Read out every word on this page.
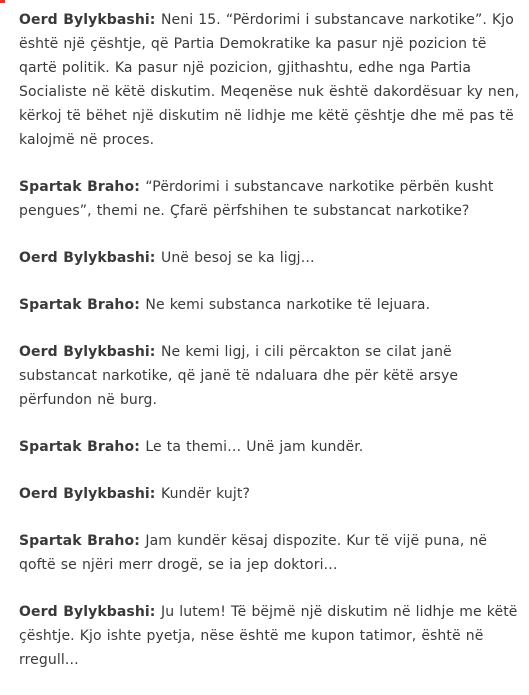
Oerd Bylykbashi: Neni 15. “Përdorimi i substancave narkotike”. Kjo është një çështje, që Partia Demokratike ka pasur një pozicion të qartë politik. Ka pasur një pozicion, gjithashtu, edhe nga Partia Socialiste në këtë diskutim. Meqenëse nuk është dakordësuar ky nen, kërkoj të bëhet një diskutim në lidhje me këtë çështje dhe më pas të kalojmë në proces.

Spartak Braho: “Përdorimi i substancave narkotike përbën kusht pengues”, themi ne. Çfarë përfshihen te substancat narkotike?

Oerd Bylykbashi: Unë besoj se ka ligj…

Spartak Braho: Ne kemi substanca narkotike të lejuara.

Oerd Bylykbashi: Ne kemi ligj, i cili përcakton se cilat janë substancat narkotike, që janë të ndaluara dhe për këtë arsye përfundon në burg.

Spartak Braho: Le ta themi… Unë jam kundër.

Oerd Bylykbashi: Kundër kujt?

Spartak Braho: Jam kundër kësaj dispozite. Kur të vijë puna, në qoftë se njëri merr drogë, se ia jep doktori…

Oerd Bylykbashi: Ju lutem! Të bëjmë një diskutim në lidhje me këtë çështje. Kjo ishte pyetja, nëse është me kupon tatimor, është në rregull…
